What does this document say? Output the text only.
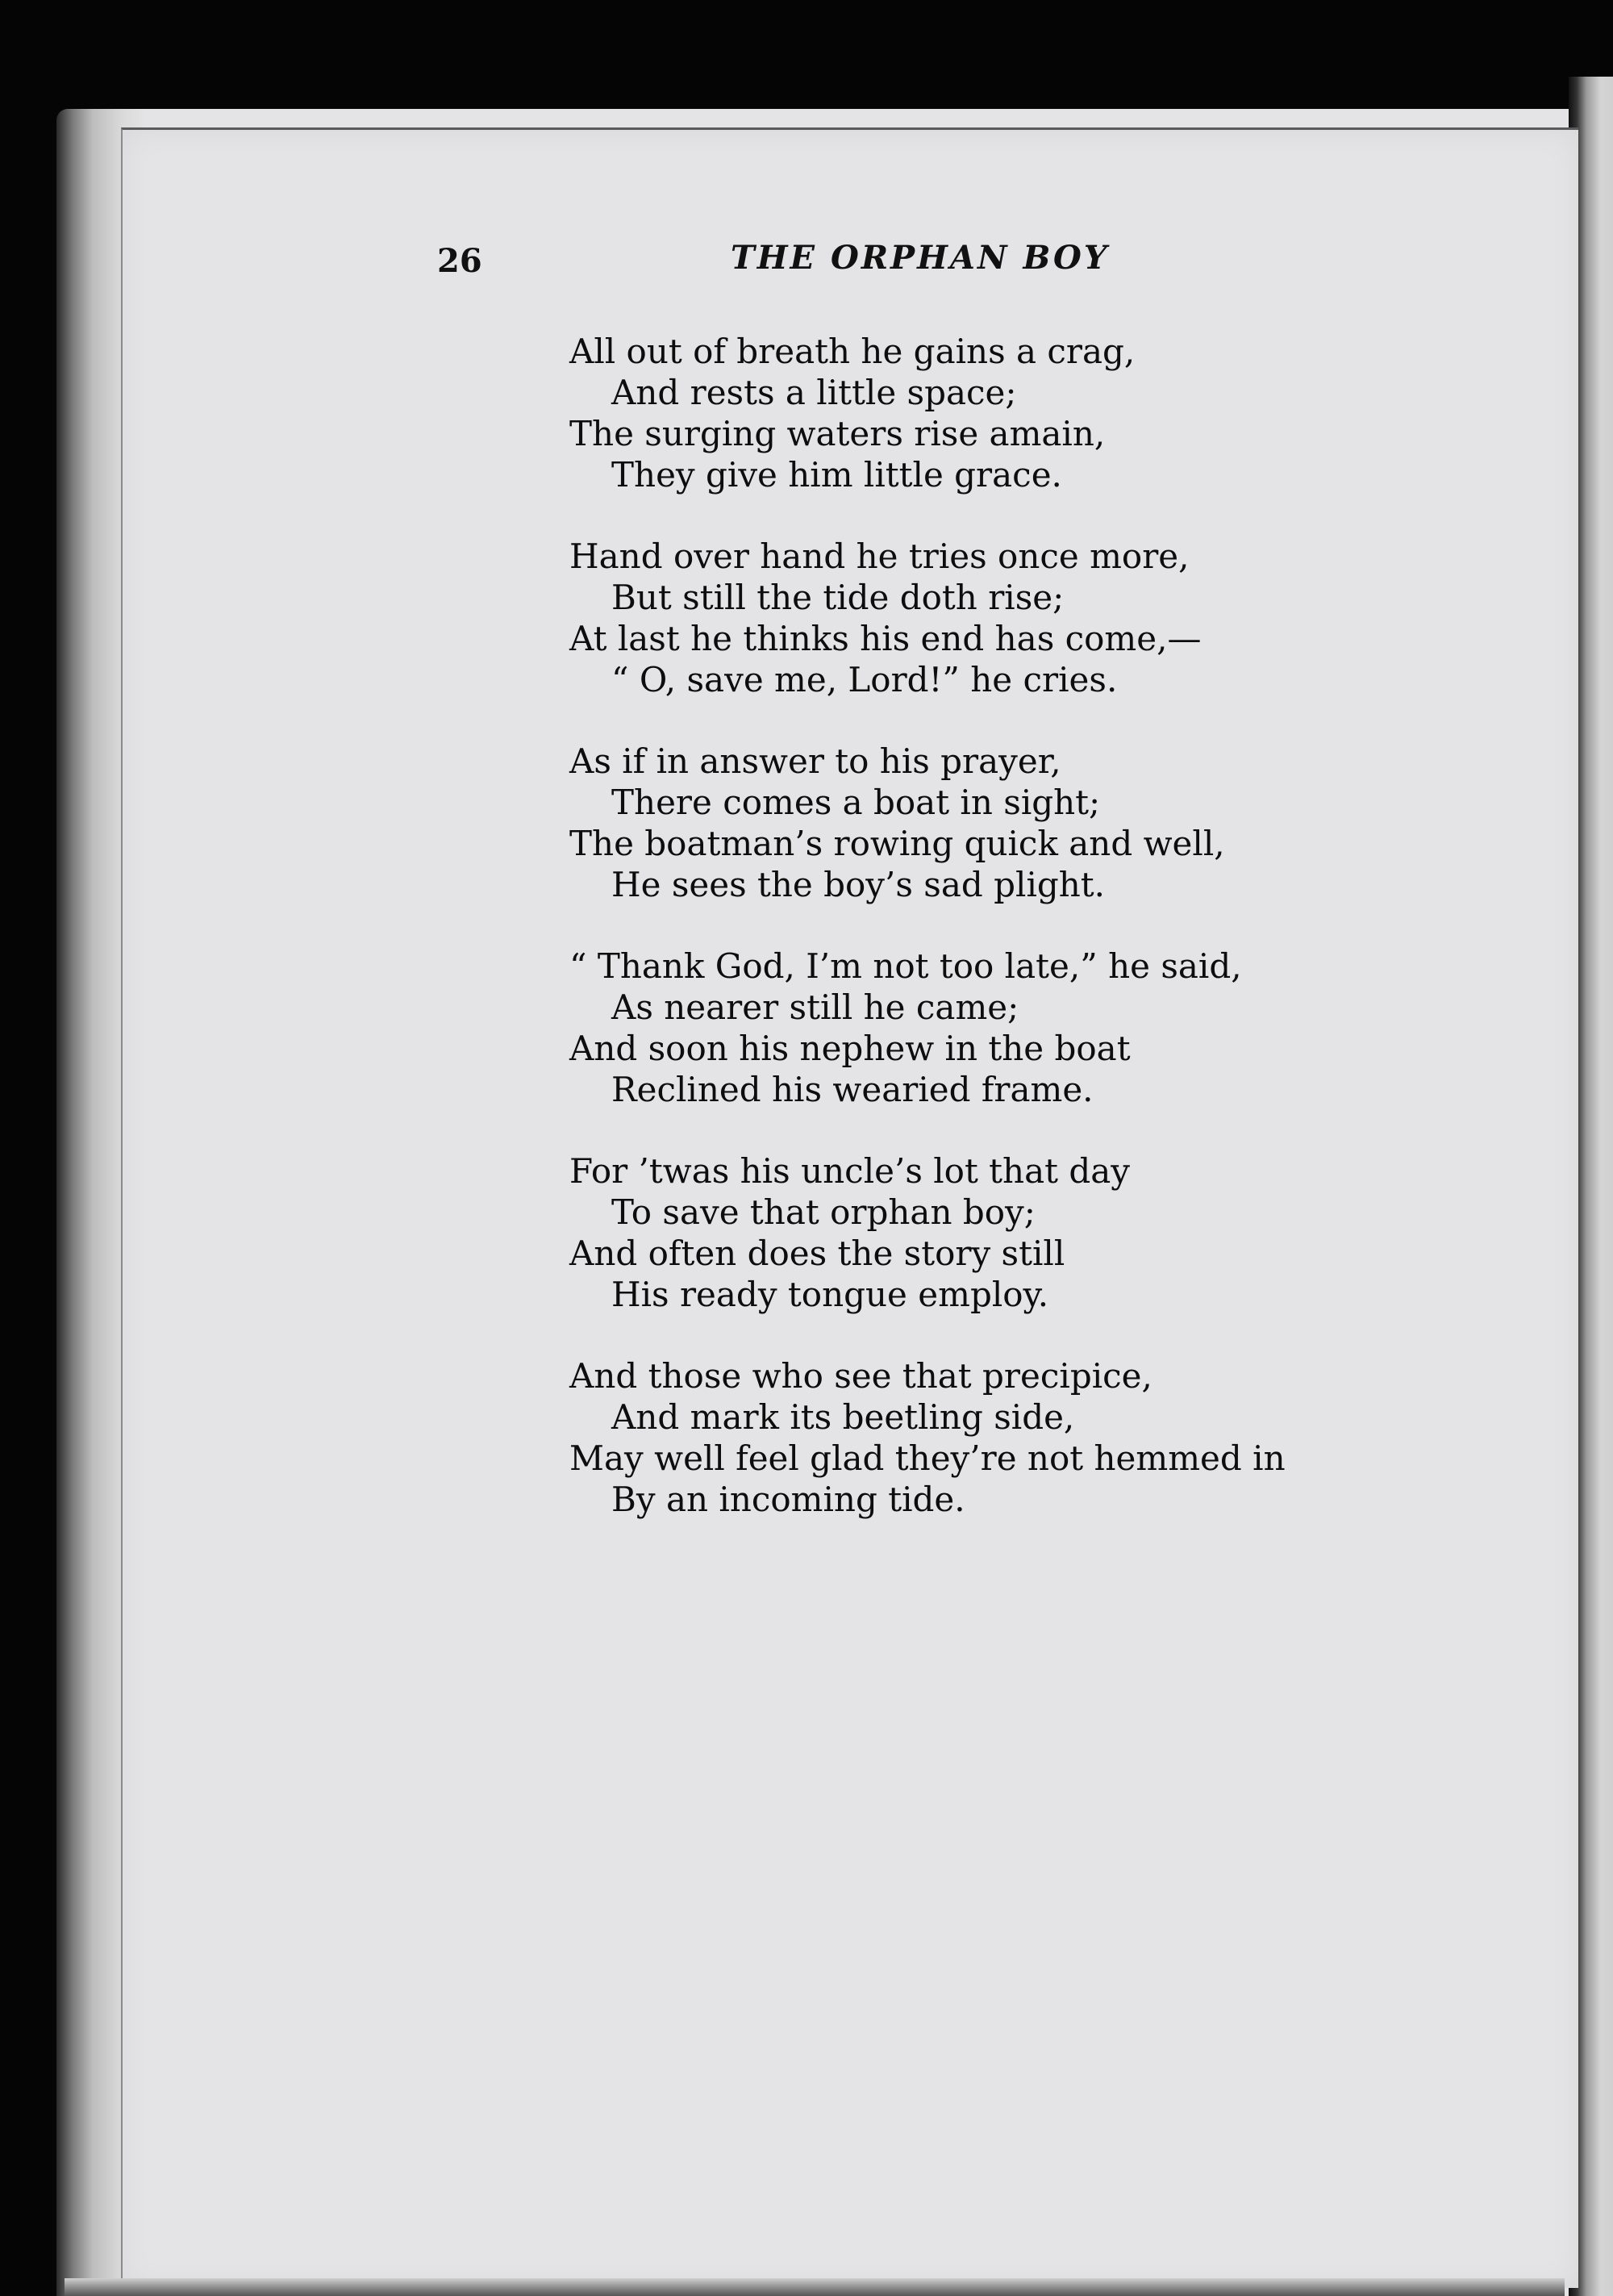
26	THE ORPHAN BOY
All out of breath he gains a crag,
And rests a little space;
The surging waters rise amain,
They give him little grace.
Hand over hand he tries once more,
But still the tide doth rise;
At last he thinks his end has come,—
“ O, save me, Lord!” he cries.
As if in answer to his prayer,
There comes a boat in sight;
The boatman’s rowing quick and well,
He sees the boy’s sad plight.
“ Thank God, I’m not too late,” he said,
As nearer still he came;
And soon his nephew in the boat
Reclined his wearied frame.
For ’twas his uncle’s lot that day
To save that orphan boy;
And often does the story still
His ready tongue employ.
And those who see that precipice,
And mark its beetling side,
May well feel glad they’re not hemmed in
By an incoming tide.
